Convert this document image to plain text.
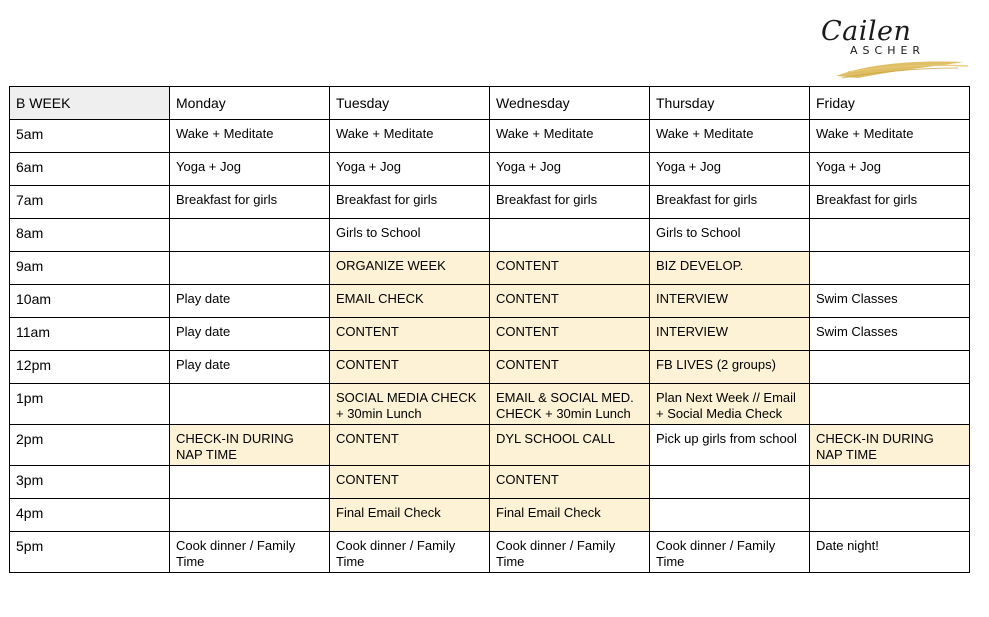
Cailen
ASCHER
B WEEK	Monday	Tuesday	Wednesday	Thursday	Friday
5am	Wake + Meditate	Wake + Meditate	Wake + Meditate	Wake + Meditate	Wake + Meditate
6am	Yoga + Jog	Yoga + Jog	Yoga + Jog	Yoga + Jog	Yoga + Jog
7am	Breakfast for girls	Breakfast for girls	Breakfast for girls	Breakfast for girls	Breakfast for girls
8am		Girls to School		Girls to School	
9am		ORGANIZE WEEK	CONTENT	BIZ DEVELOP.	
10am	Play date	EMAIL CHECK	CONTENT	INTERVIEW	Swim Classes
11am	Play date	CONTENT	CONTENT	INTERVIEW	Swim Classes
12pm	Play date	CONTENT	CONTENT	FB LIVES (2 groups)	
1pm		SOCIAL MEDIA CHECK + 30min Lunch	EMAIL & SOCIAL MED. CHECK + 30min Lunch	Plan Next Week // Email + Social Media Check	
2pm	CHECK-IN DURING NAP TIME	CONTENT	DYL SCHOOL CALL	Pick up girls from school	CHECK-IN DURING NAP TIME
3pm		CONTENT	CONTENT		
4pm		Final Email Check	Final Email Check		
5pm	Cook dinner / Family Time	Cook dinner / Family Time	Cook dinner / Family Time	Cook dinner / Family Time	Date night!
